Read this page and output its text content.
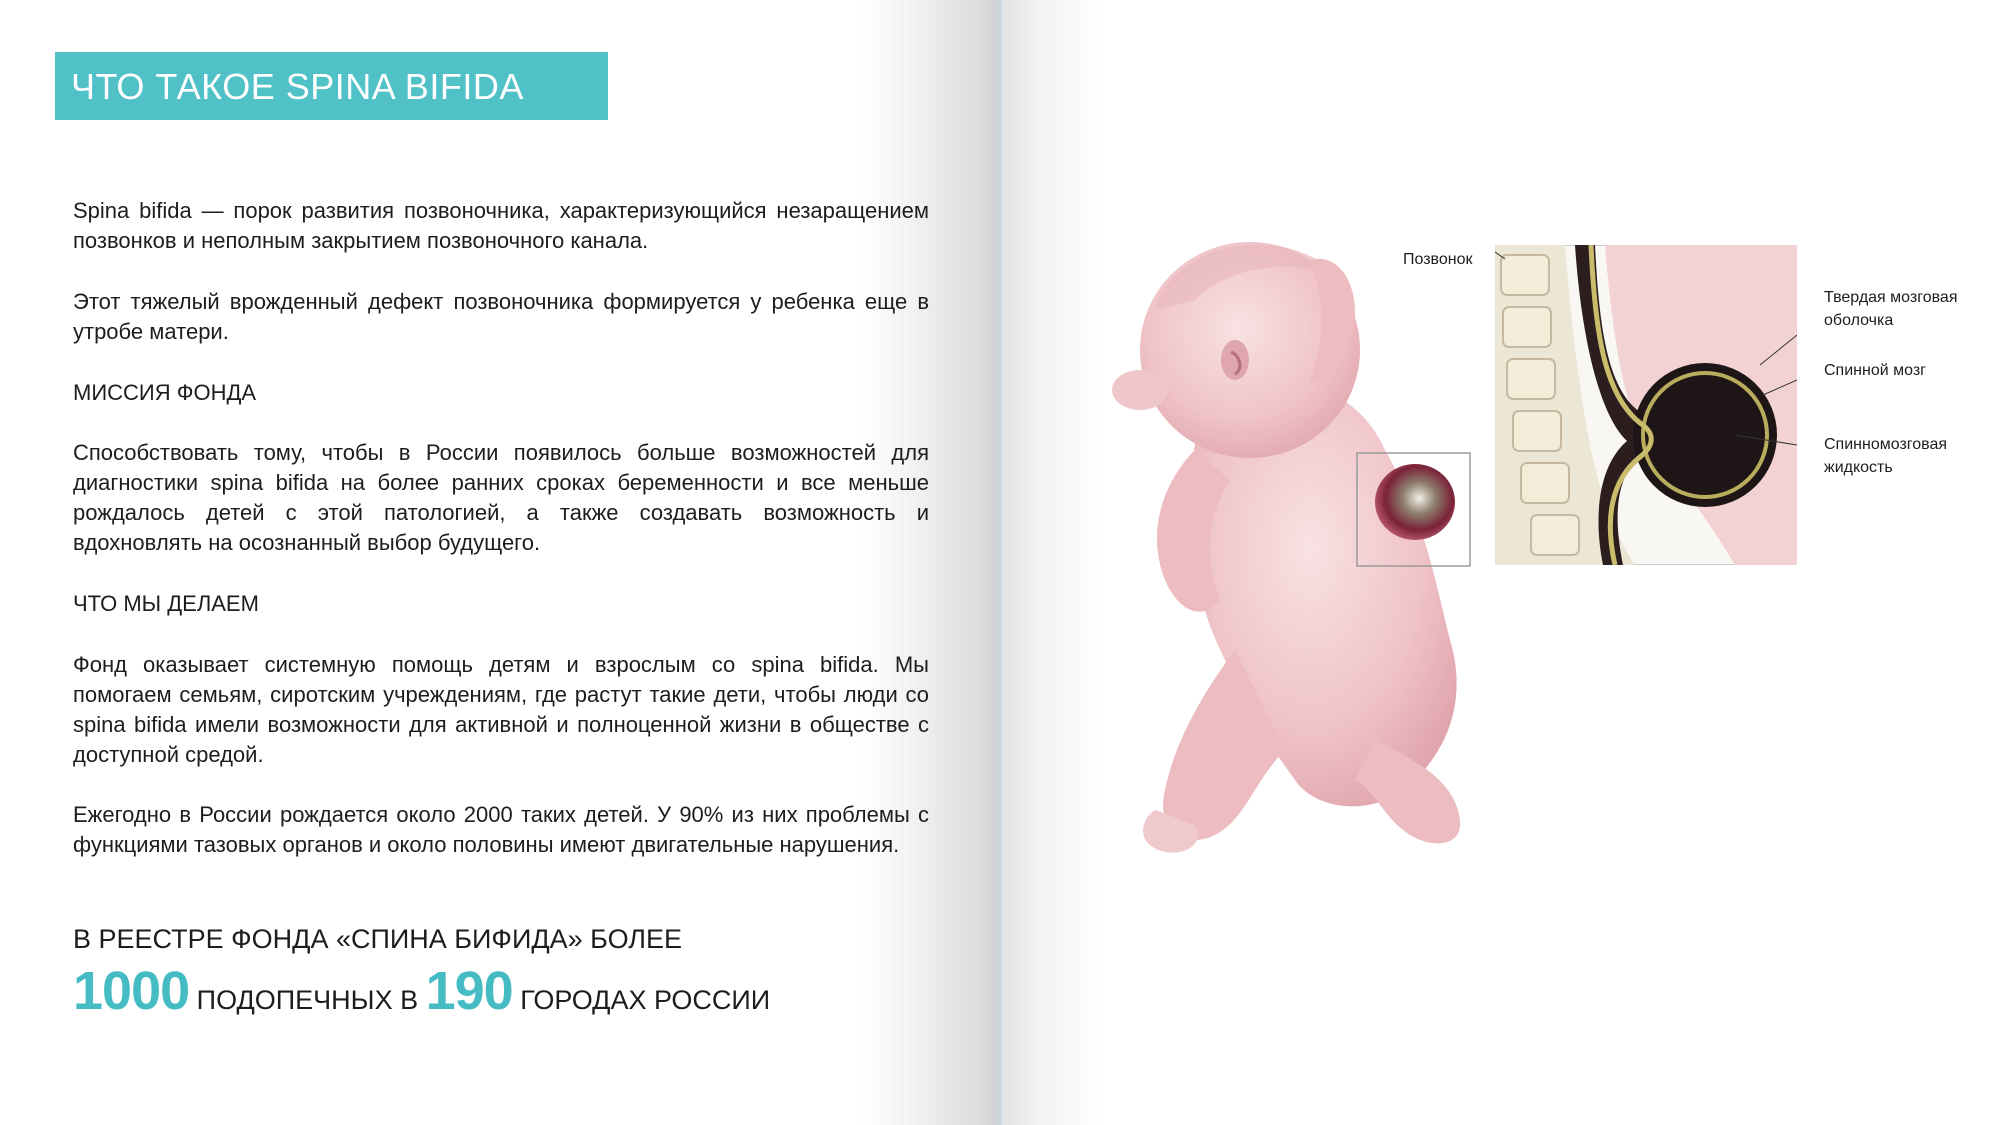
ЧТО ТАКОЕ SPINA BIFIDA

Spina bifida — порок развития позвоночника, характеризующийся незаращением позвонков и неполным закрытием позвоночного канала.

Этот тяжелый врожденный дефект позвоночника формируется у ребенка еще в утробе матери.

МИССИЯ ФОНДА

Способствовать тому, чтобы в России появилось больше возможностей для диагностики spina bifida на более ранних сроках беременности и все меньше рождалось детей с этой патологией, а также создавать возможность и вдохновлять на осознанный выбор будущего.

ЧТО МЫ ДЕЛАЕМ

Фонд оказывает системную помощь детям и взрослым со spina bifida. Мы помогаем семьям, сиротским учреждениям, где растут такие дети, чтобы люди со spina bifida имели возможности для активной и полноценной жизни в обществе с доступной средой.

Ежегодно в России рождается около 2000 таких детей. У 90% из них проблемы с функциями тазовых органов и около половины имеют двигательные нарушения.

В РЕЕСТРЕ ФОНДА «СПИНА БИФИДА» БОЛЕЕ
1000 ПОДОПЕЧНЫХ В 190 ГОРОДАХ РОССИИ
Позвонок
Твердая мозговая
оболочка
Спинной мозг
Спинномозговая
жидкость
